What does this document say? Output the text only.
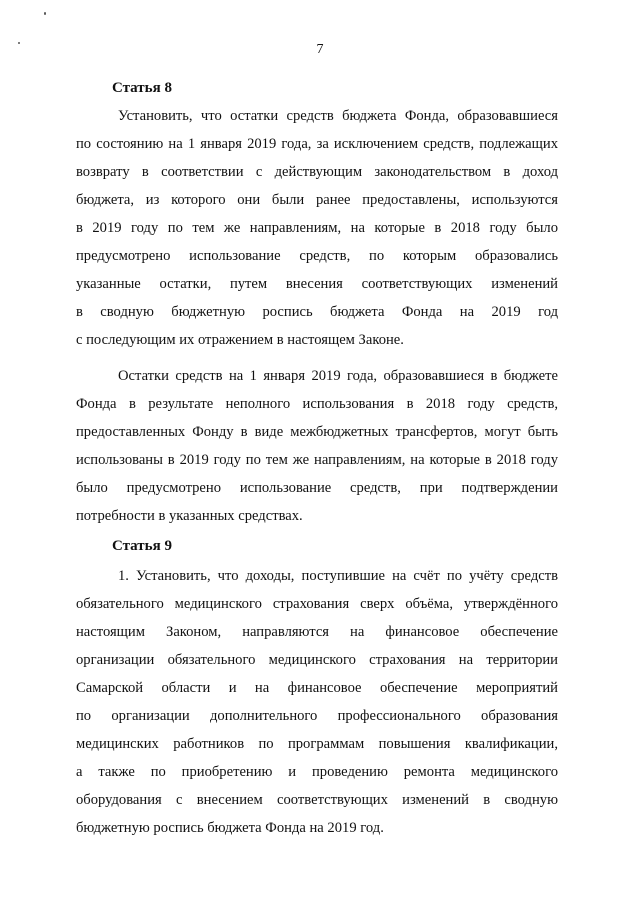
7
Статья 8
Установить, что остатки средств бюджета Фонда, образовавшиеся
по состоянию на 1 января 2019 года, за исключением средств, подлежащих
возврату в соответствии с действующим законодательством в доход
бюджета, из которого они были ранее предоставлены, используются
в 2019 году по тем же направлениям, на которые в 2018 году было
предусмотрено использование средств, по которым образовались
указанные остатки, путем внесения соответствующих изменений
в сводную бюджетную роспись бюджета Фонда на 2019 год
с последующим их отражением в настоящем Законе.
Остатки средств на 1 января 2019 года, образовавшиеся в бюджете
Фонда в результате неполного использования в 2018 году средств,
предоставленных Фонду в виде межбюджетных трансфертов, могут быть
использованы в 2019 году по тем же направлениям, на которые в 2018 году
было предусмотрено использование средств, при подтверждении
потребности в указанных средствах.
Статья 9
1. Установить, что доходы, поступившие на счёт по учёту средств
обязательного медицинского страхования сверх объёма, утверждённого
настоящим Законом, направляются на финансовое обеспечение
организации обязательного медицинского страхования на территории
Самарской области и на финансовое обеспечение мероприятий
по организации дополнительного профессионального образования
медицинских работников по программам повышения квалификации,
а также по приобретению и проведению ремонта медицинского
оборудования с внесением соответствующих изменений в сводную
бюджетную роспись бюджета Фонда на 2019 год.
